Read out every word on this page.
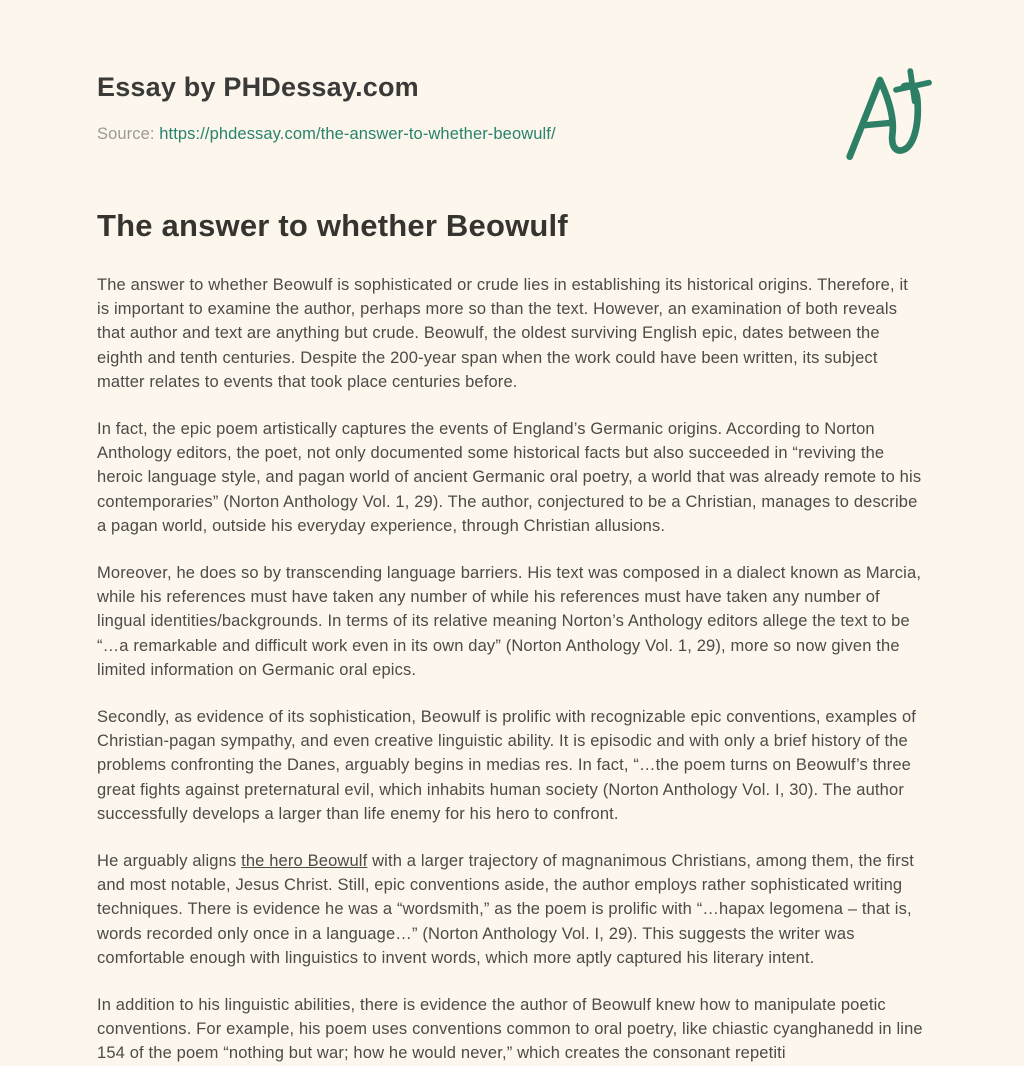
Essay by PHDessay.com

Source: https://phdessay.com/the-answer-to-whether-beowulf/

The answer to whether Beowulf

The answer to whether Beowulf is sophisticated or crude lies in establishing its historical origins. Therefore, it is important to examine the author, perhaps more so than the text. However, an examination of both reveals that author and text are anything but crude. Beowulf, the oldest surviving English epic, dates between the eighth and tenth centuries. Despite the 200-year span when the work could have been written, its subject matter relates to events that took place centuries before.

In fact, the epic poem artistically captures the events of England’s Germanic origins. According to Norton Anthology editors, the poet, not only documented some historical facts but also succeeded in “reviving the heroic language style, and pagan world of ancient Germanic oral poetry, a world that was already remote to his contemporaries” (Norton Anthology Vol. 1, 29). The author, conjectured to be a Christian, manages to describe a pagan world, outside his everyday experience, through Christian allusions.

Moreover, he does so by transcending language barriers. His text was composed in a dialect known as Marcia, while his references must have taken any number of while his references must have taken any number of lingual identities/backgrounds. In terms of its relative meaning Norton’s Anthology editors allege the text to be “…a remarkable and difficult work even in its own day” (Norton Anthology Vol. 1, 29), more so now given the limited information on Germanic oral epics.

Secondly, as evidence of its sophistication, Beowulf is prolific with recognizable epic conventions, examples of Christian-pagan sympathy, and even creative linguistic ability. It is episodic and with only a brief history of the problems confronting the Danes, arguably begins in medias res. In fact, “…the poem turns on Beowulf’s three great fights against preternatural evil, which inhabits human society (Norton Anthology Vol. I, 30). The author successfully develops a larger than life enemy for his hero to confront.

He arguably aligns the hero Beowulf with a larger trajectory of magnanimous Christians, among them, the first and most notable, Jesus Christ. Still, epic conventions aside, the author employs rather sophisticated writing techniques. There is evidence he was a “wordsmith,” as the poem is prolific with “…hapax legomena – that is, words recorded only once in a language…” (Norton Anthology Vol. I, 29). This suggests the writer was comfortable enough with linguistics to invent words, which more aptly captured his literary intent.

In addition to his linguistic abilities, there is evidence the author of Beowulf knew how to manipulate poetic conventions. For example, his poem uses conventions common to oral poetry, like chiastic cyanghanedd in line 154 of the poem “nothing but war; how he would never,” which creates the consonant repetiti
